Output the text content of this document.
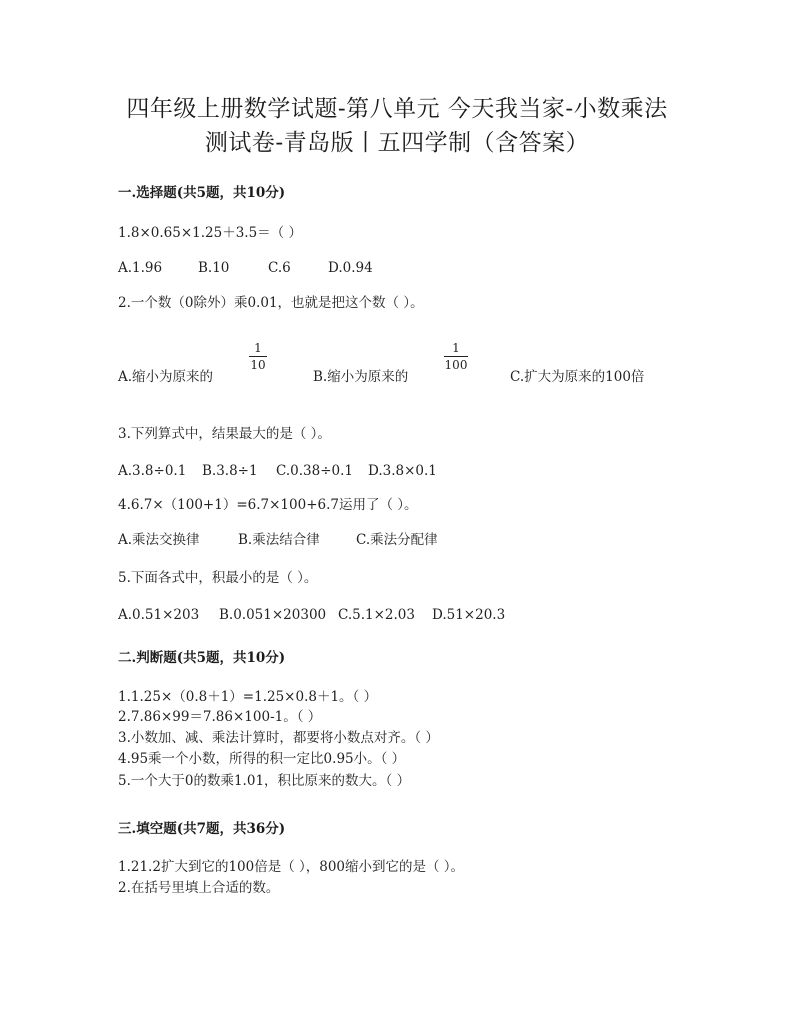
四年级上册数学试题-第八单元 今天我当家-小数乘法
测试卷-青岛版丨五四学制（含答案）
一.选择题(共5题，共10分)
1.8×0.65×1.25＋3.5＝（ ）
A.1.96	B.10	C.6	D.0.94
2.一个数（0除外）乘0.01，也就是把这个数（ ）。
1
10
1
100
A.缩小为原来的	B.缩小为原来的	C.扩大为原来的100倍
3.下列算式中，结果最大的是（ ）。
A.3.8÷0.1 B.3.8÷1 C.0.38÷0.1 D.3.8×0.1
4.6.7×（100+1）=6.7×100+6.7运用了（ ）。
A.乘法交换律	B.乘法结合律	C.乘法分配律
5.下面各式中，积最小的是（ ）。
A.0.51×203 B.0.051×20300 C.5.1×2.03 D.51×20.3
二.判断题(共5题，共10分)
1.1.25×（0.8＋1）=1.25×0.8＋1。（ ）
2.7.86×99＝7.86×100-1。（ ）
3.小数加、减、乘法计算时，都要将小数点对齐。（ ）
4.95乘一个小数，所得的积一定比0.95小。（ ）
5.一个大于0的数乘1.01，积比原来的数大。（ ）
三.填空题(共7题，共36分)
1.21.2扩大到它的100倍是（ ），800缩小到它的是（ ）。
2.在括号里填上合适的数。
